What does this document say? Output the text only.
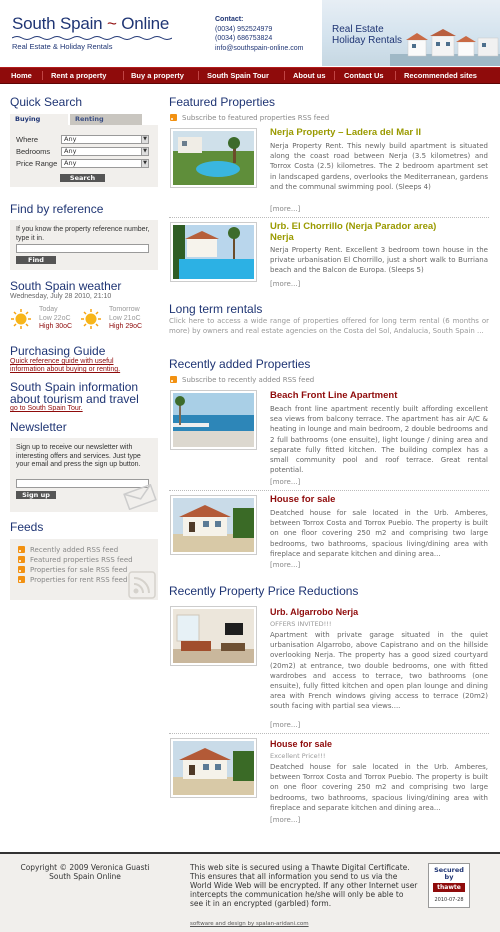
South Spain ~ Online
Real Estate & Holiday Rentals
Contact:
(0034) 952524979
(0034) 686753824
info@southspain-online.com
Real Estate
Holiday Rentals
Home	Rent a property	Buy a property	South Spain Tour	About us Contact Us	Recommended sites
Quick Search
Buying	Renting
Where	Any	▼
Bedrooms	Any	▼
Price Range	Any	▼
Search
Find by reference
If you know the property reference number, type it in.
Find
South Spain weather
Wednesday, July 28 2010, 21:10
Today
Low 22oC
High 30oC
Tomorrow
Low 21oC
High 29oC
Purchasing Guide
Quick reference guide with useful information about buying or renting.
South Spain information
about tourism and travel
go to South Spain Tour.
Newsletter
Sign up to receive our newsletter with interesting offers and services. Just type your email and press the sign up button.
Sign up
Feeds
Recently added RSS feed
Featured properties RSS feed
Properties for sale RSS feed
Properties for rent RSS feed
Featured Properties
Subscribe to featured properties RSS feed
Nerja Property – Ladera del Mar II
Nerja Property Rent. This newly build apartment is situated along the coast road between Nerja (3.5 kilometres) and Torrox Costa (2.5) kilometres. The 2 bedroom apartment set in landscaped gardens, overlooks the Mediterranean, gardens and the communal swimming pool. (Sleeps 4)
[more...]
Urb. El Chorrillo (Nerja Parador area)
Nerja
Nerja Property Rent. Excellent 3 bedroom town house in the private urbanisation El Chorrillo, just a short walk to Burriana beach and the Balcon de Europa. (Sleeps 5)
[more...]
Long term rentals
Click here to access a wide range of properties offered for long term rental (6 months or more) by owners and real estate agencies on the Costa del Sol, Andalucia, South Spain ...
Recently added Properties
Subscribe to recently added RSS feed
Beach Front Line Apartment
Beach front line apartment recently built affording excellent sea views from balcony terrace. The apartment has air A/C & heating in lounge and main bedroom, 2 double bedrooms and 2 full bathrooms (one ensuite), light lounge / dining area and separate fully fitted kitchen. The building complex has a small community pool and roof terrace. Great rental potential.
[more...]
House for sale
Deatched house for sale located in the Urb. Amberes, between Torrox Costa and Torrox Puebio. The property is built on one floor covering 250 m2 and comprising two large bedrooms, two bathrooms, spacious living/dining area with fireplace and separate kitchen and dining area...
[more...]
Recently Property Price Reductions
Urb. Algarrobo Nerja
OFFERS INVITED!!!
Apartment with private garage situated in the quiet urbanisation Algarrobo, above Capistrano and on the hillside overlooking Nerja. The property has a good sized courtyard (20m2) at entrance, two double bedrooms, one with fitted wardrobes and access to terrace, two bathrooms (one ensuite), fully fitted kitchen and open plan lounge and dining area with French windows giving access to terrace (20m2) south facing with partial sea views....
[more...]
House for sale
Excellent Price!!!
Deatched house for sale located in the Urb. Amberes, between Torrox Costa and Torrox Puebio. The property is built on one floor covering 250 m2 and comprising two large bedrooms, two bathrooms, spacious living/dining area with fireplace and separate kitchen and dining area...
[more...]
Copyright © 2009 Veronica Guasti
South Spain Online
This web site is secured using a Thawte Digital Certificate. This ensures that all information you send to us via the World Wide Web will be encrypted. If any other Internet user intercepts the communication he/she will only be able to see it in an encrypted (garbled) form.
software and design by spalan-aridani.com
Secured
by
thawte
2010-07-28
